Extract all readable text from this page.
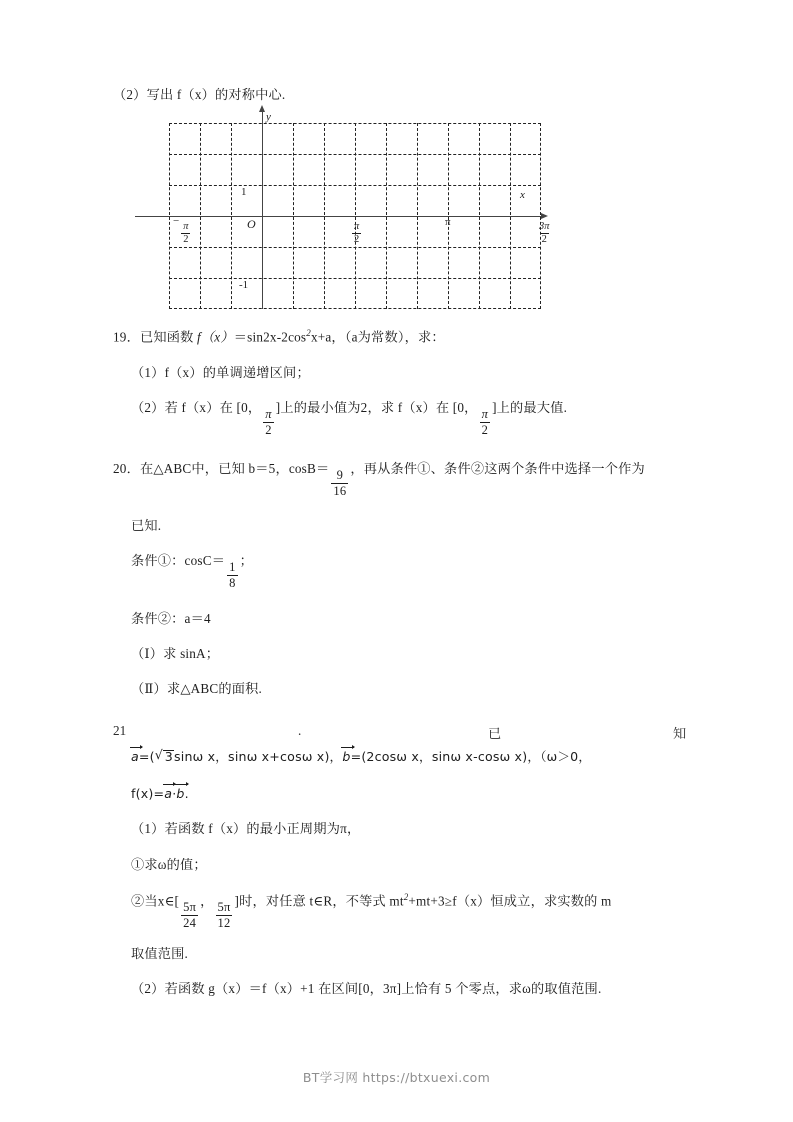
（2）写出 f（x）的对称中心.
x
y
O
1
-1
−
$\frac{\pi}{2}$	$\frac{\pi}{2}$	π	$\frac{3\pi}{2}$
19．已知函数 $f(x)=\sin 2x‑2\cos^2x+a$，（a为常数），求：
（1）f（x）的单调递增区间；
（2）若 f（x）在 [0，
$\frac{\pi}{2}$
]上的最小值为2，求 f（x）在 [0，
$\frac{\pi}{2}$
]上的最大值.
20．在△ABC中，已知 b＝5，cosB＝
$\frac{9}{16}$
，再从条件①、条件②这两个条件中选择一个作为
已知.
条件①：cosC＝
$\frac{1}{8}$
；
条件②：a＝4
（Ⅰ）求 sinA；
（Ⅱ）求△ABC的面积.
21	.	已	知
a=( √ 3sinω x，sinω x+cosω x)，b=(2cosω x，sinω x-cosω x)，（ω＞0，
f(x)=a·b.
（1）若函数 f（x）的最小正周期为π，
①求ω的值；
②当x∈[
$\frac{5\pi}{24}$
，
$\frac{5\pi}{12}$
]时，对任意 t∈R，不等式 $mt^2+mt+3\ge f(x)$恒成立，求实数的 m
取值范围.
（2）若函数 g（x）＝f（x）+1 在区间[0，3π]上恰有 5 个零点，求ω的取值范围.
BT学习网 https://btxuexi.com
